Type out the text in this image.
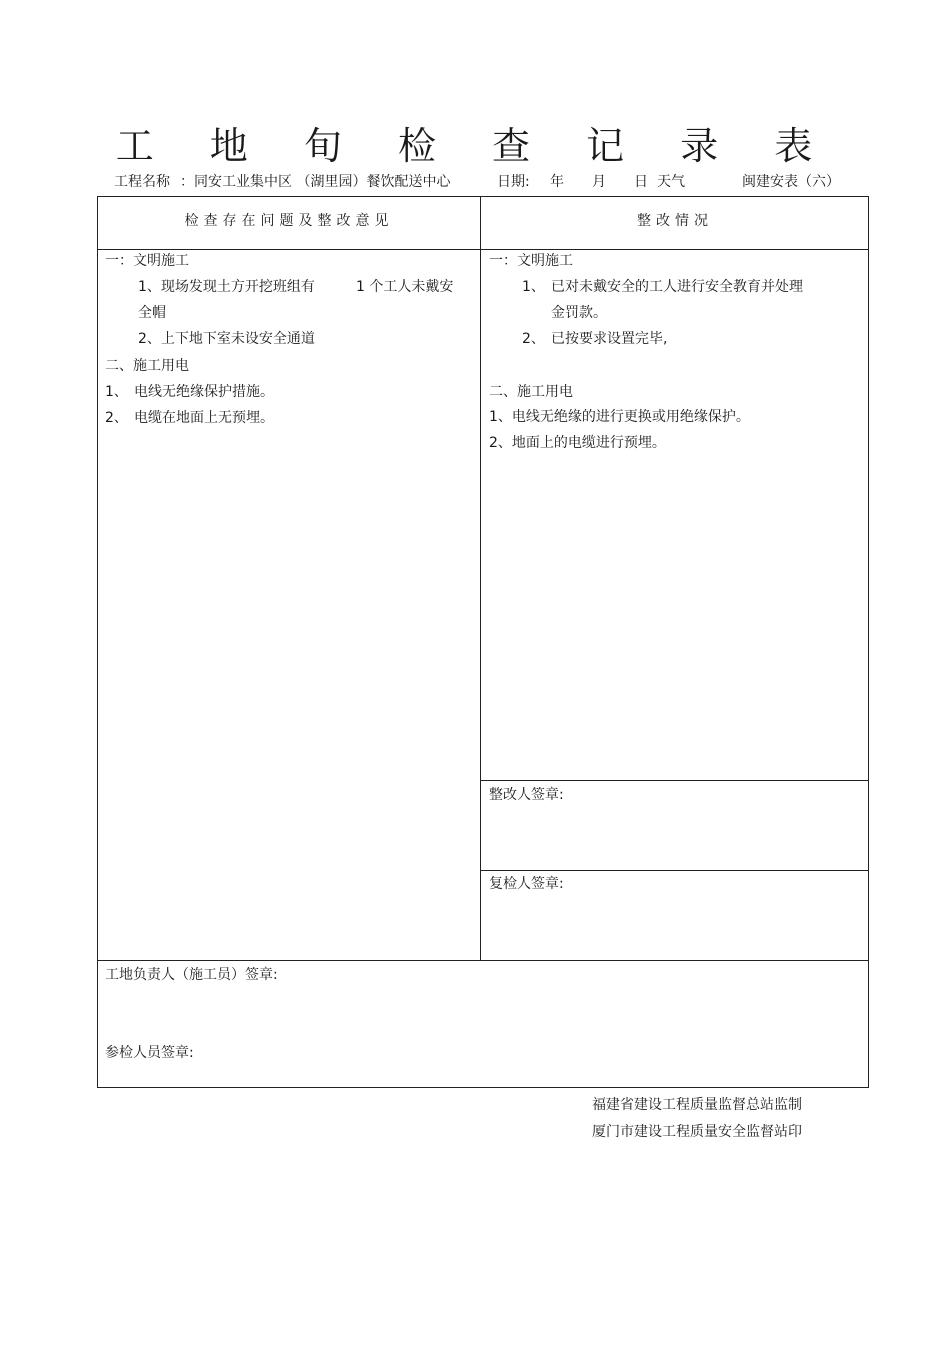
工 地 旬 检 查 记 录 表
工程名称 ：同安工业集中区 （湖里园）餐饮配送中心	日期: 年 月 日 天气	闽建安表（六）
检查存在问题及整改意见	整改情况
一：文明施工
1、现场发现土方开挖班组有	1 个工人未戴安
全帽
2、上下地下室未设安全通道
二、施工用电
1、 电线无绝缘保护措施。
2、 电缆在地面上无预埋。
一：文明施工
1、 已对未戴安全的工人进行安全教育并处理
金罚款。
2、 已按要求设置完毕,
二、施工用电
1、电线无绝缘的进行更换或用绝缘保护。
2、地面上的电缆进行预埋。
整改人签章:
复检人签章:
工地负责人（施工员）签章:
参检人员签章:
福建省建设工程质量监督总站监制
厦门市建设工程质量安全监督站印
